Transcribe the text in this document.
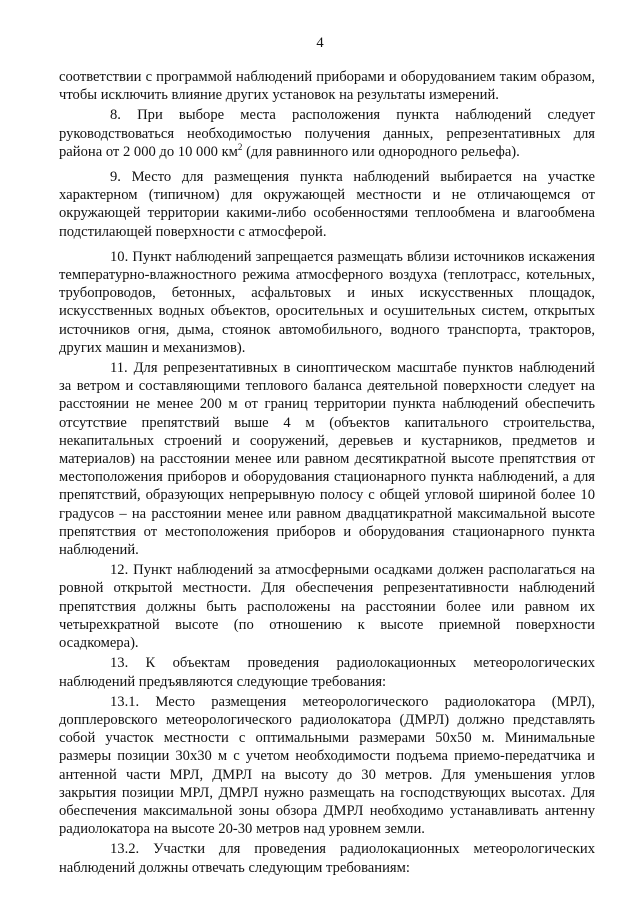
4

соответствии с программой наблюдений приборами и оборудованием таким образом, чтобы исключить влияние других установок на результаты измерений.

8. При выборе места расположения пункта наблюдений следует руководствоваться необходимостью получения данных, репрезентативных для района от 2 000 до 10 000 $км^2$ (для равнинного или однородного рельефа).

9. Место для размещения пункта наблюдений выбирается на участке характерном (типичном) для окружающей местности и не отличающемся от окружающей территории какими-либо особенностями теплообмена и влагообмена подстилающей поверхности с атмосферой.

10. Пункт наблюдений запрещается размещать вблизи источников искажения температурно-влажностного режима атмосферного воздуха (теплотрасс, котельных, трубопроводов, бетонных, асфальтовых и иных искусственных площадок, искусственных водных объектов, оросительных и осушительных систем, открытых источников огня, дыма, стоянок автомобильного, водного транспорта, тракторов, других машин и механизмов).

11. Для репрезентативных в синоптическом масштабе пунктов наблюдений за ветром и составляющими теплового баланса деятельной поверхности следует на расстоянии не менее 200 м от границ территории пункта наблюдений обеспечить отсутствие препятствий выше 4 м (объектов капитального строительства, некапитальных строений и сооружений, деревьев и кустарников, предметов и материалов) на расстоянии менее или равном десятикратной высоте препятствия от местоположения приборов и оборудования стационарного пункта наблюдений, а для препятствий, образующих непрерывную полосу с общей угловой шириной более 10 градусов – на расстоянии менее или равном двадцатикратной максимальной высоте препятствия от местоположения приборов и оборудования стационарного пункта наблюдений.

12. Пункт наблюдений за атмосферными осадками должен располагаться на ровной открытой местности. Для обеспечения репрезентативности наблюдений препятствия должны быть расположены на расстоянии более или равном их четырехкратной высоте (по отношению к высоте приемной поверхности осадкомера).

13. К объектам проведения радиолокационных метеорологических наблюдений предъявляются следующие требования:

13.1. Место размещения метеорологического радиолокатора (МРЛ), допплеровского метеорологического радиолокатора (ДМРЛ) должно представлять собой участок местности с оптимальными размерами 50х50 м. Минимальные размеры позиции 30х30 м с учетом необходимости подъема приемо-передатчика и антенной части МРЛ, ДМРЛ на высоту до 30 метров. Для уменьшения углов закрытия позиции МРЛ, ДМРЛ нужно размещать на господствующих высотах. Для обеспечения максимальной зоны обзора ДМРЛ необходимо устанавливать антенну радиолокатора на высоте 20-30 метров над уровнем земли.

13.2. Участки для проведения радиолокационных метеорологических наблюдений должны отвечать следующим требованиям:
